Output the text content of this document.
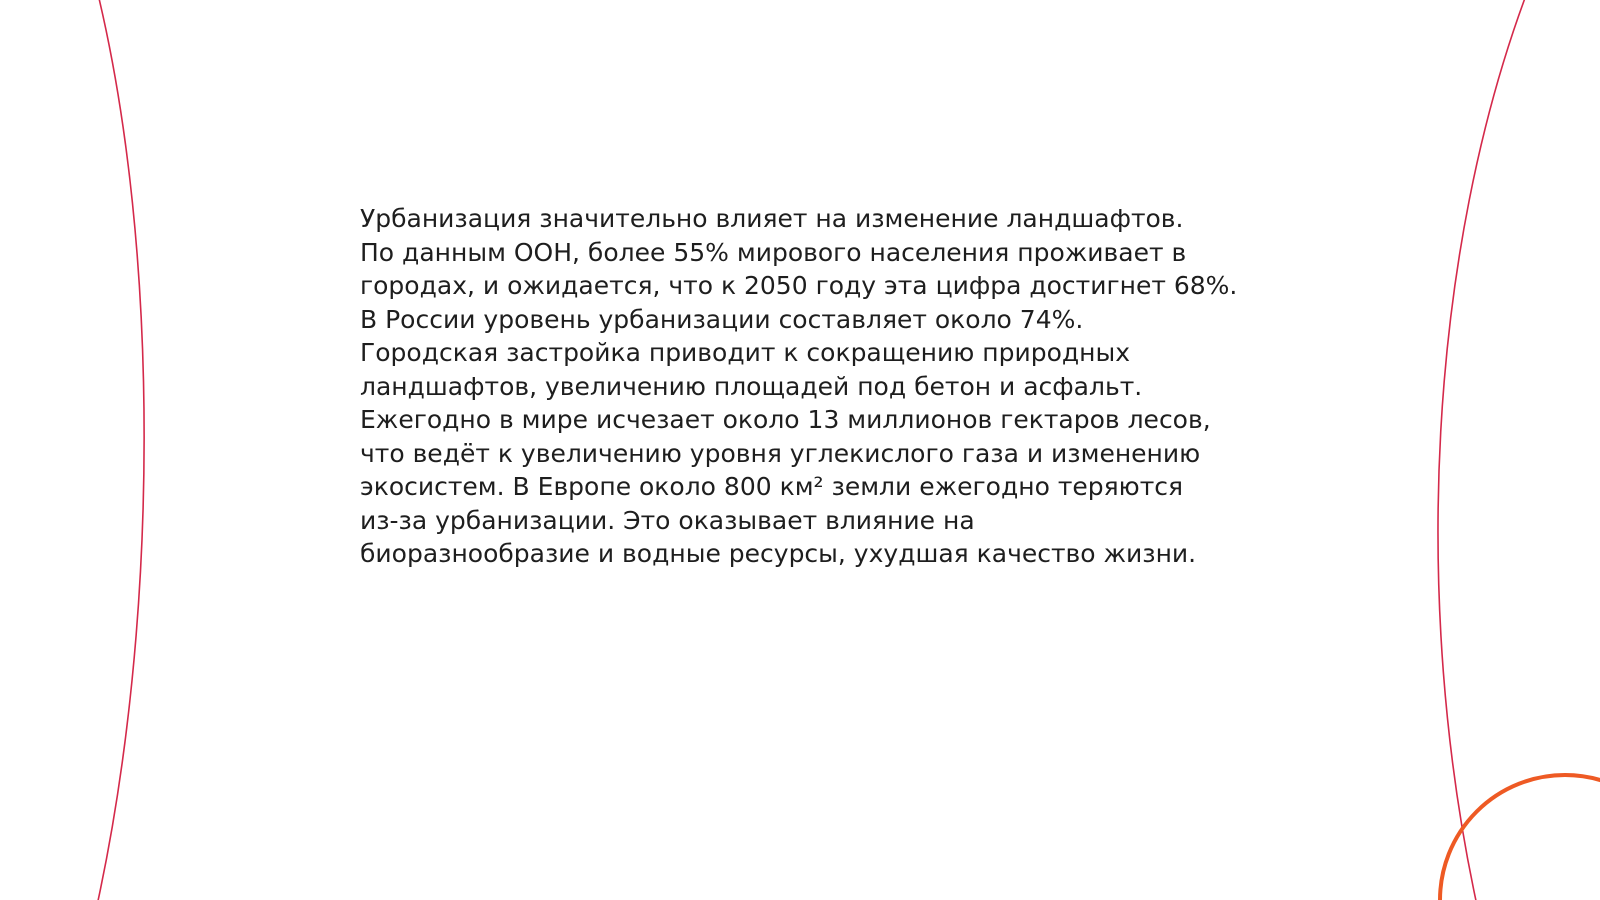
Урбанизация значительно влияет на изменение ландшафтов.
По данным ООН, более 55% мирового населения проживает в
городах, и ожидается, что к 2050 году эта цифра достигнет 68%.
В России уровень урбанизации составляет около 74%.
Городская застройка приводит к сокращению природных
ландшафтов, увеличению площадей под бетон и асфальт.
Ежегодно в мире исчезает около 13 миллионов гектаров лесов,
что ведёт к увеличению уровня углекислого газа и изменению
экосистем. В Европе около 800 км² земли ежегодно теряются
из-за урбанизации. Это оказывает влияние на
биоразнообразие и водные ресурсы, ухудшая качество жизни.
